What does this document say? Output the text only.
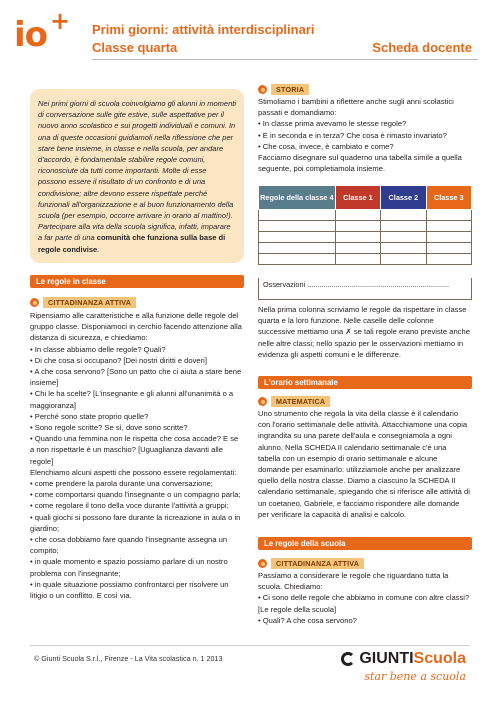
io + Primi giorni: attività interdisciplinari
Classe quarta	Scheda docente
Nei primi giorni di scuola coinvolgiamo gli alunni in momenti di conversazione sulle gite estive, sulle aspettative per il nuovo anno scolastico e sui progetti individuali e comuni. In una di queste occasioni guidiamoli nella riflessione che per stare bene insieme, in classe e nella scuola, per andare d'accordo, è fondamentale stabilire regole comuni, riconosciute da tutti come importanti. Molte di esse possono essere il risultato di un confronto e di una condivisione; altre devono essere rispettate perché funzionali all'organizzazione e al buon funzionamento della scuola (per esempio, occorre arrivare in orario al mattino!). Partecipare alla vita della scuola significa, infatti, imparare a far parte di una comunità che funziona sulla base di regole condivise.
Le regole in classe
CITTADINANZA ATTIVA

Ripensiamo alle caratteristiche e alla funzione delle regole del gruppo classe. Disponiamoci in cerchio facendo attenzione alla distanza di sicurezza, e chiediamo:

• In classe abbiamo delle regole? Quali?

• Di che cosa si occupano? [Dei nostri diritti e doveri]

• A che cosa servono? [Sono un patto che ci aiuta a stare bene insieme]

• Chi le ha scelte? [L'insegnante e gli alunni all'unanimità o a maggioranza]

• Perché sono state proprio quelle?

• Sono regole scritte? Se sì, dove sono scritte?

• Quando una femmina non le rispetta che cosa accade? E se a non rispettarle è un maschio? [Uguaglianza davanti alle regole]

Elenchiamo alcuni aspetti che possono essere regolamentati:

• come prendere la parola durante una conversazione;

• come comportarsi quando l'insegnante o un compagno parla;

• come regolare il tono della voce durante l'attività a gruppi;

• quali giochi si possono fare durante la ricreazione in aula o in giardino;

• che cosa dobbiamo fare quando l'insegnante assegna un compito;

• in quale momento e spazio possiamo parlare di un nostro problema con l'insegnante;

• in quale situazione possiamo confrontarci per risolvere un litigio o un conflitto. E così via.

STORIA

Stimoliamo i bambini a riflettere anche sugli anni scolastici passati e domandiamo:

• In classe prima avevamo le stesse regole?

• E in seconda e in terza? Che cosa è rimasto invariato?

• Che cosa, invece, è cambiato e come?

Facciamo disegnare sul quaderno una tabella simile a quella seguente, poi completiamola insieme.

Regole della classe 4	Classe 1	Classe 2	Classe 3

Osservazioni ......................................................................
Nella prima colonna scriviamo le regole da rispettare in classe quarta e la loro funzione. Nelle caselle delle colonne successive mettiamo una ✗ se tali regole erano previste anche nelle altre classi; nello spazio per le osservazioni mettiamo in evidenza gli aspetti comuni e le differenze.
L'orario settimanale
MATEMATICA
Uno strumento che regola la vita della classe è il calendario con l'orario settimanale delle attività. Attacchiamone una copia ingrandita su una parete dell'aula e consegniamola a ogni alunno. Nella SCHEDA II calendario settimanale c'è una tabella con un esempio di orario settimanale e alcune domande per esaminarlo: utilizziamole anche per analizzare quello della nostra classe. Diamo a ciascuno la SCHEDA II calendario settimanale, spiegando che si riferisce alle attività di un coetaneo, Gabriele, e facciamo rispondere alle domande per verificare la capacità di analisi e calcolo.
Le regole della scuola
CITTADINANZA ATTIVA

Passiamo a considerare le regole che riguardano tutta la scuola. Chiediamo:

• Ci sono delle regole che abbiamo in comune con altre classi? [Le regole della scuola]

• Quali? A che cosa servono?

© Giunti Scuola S.r.l., Firenze - La Vita scolastica n. 1 2013	GIUNTI Scuola
star bene a scuola
